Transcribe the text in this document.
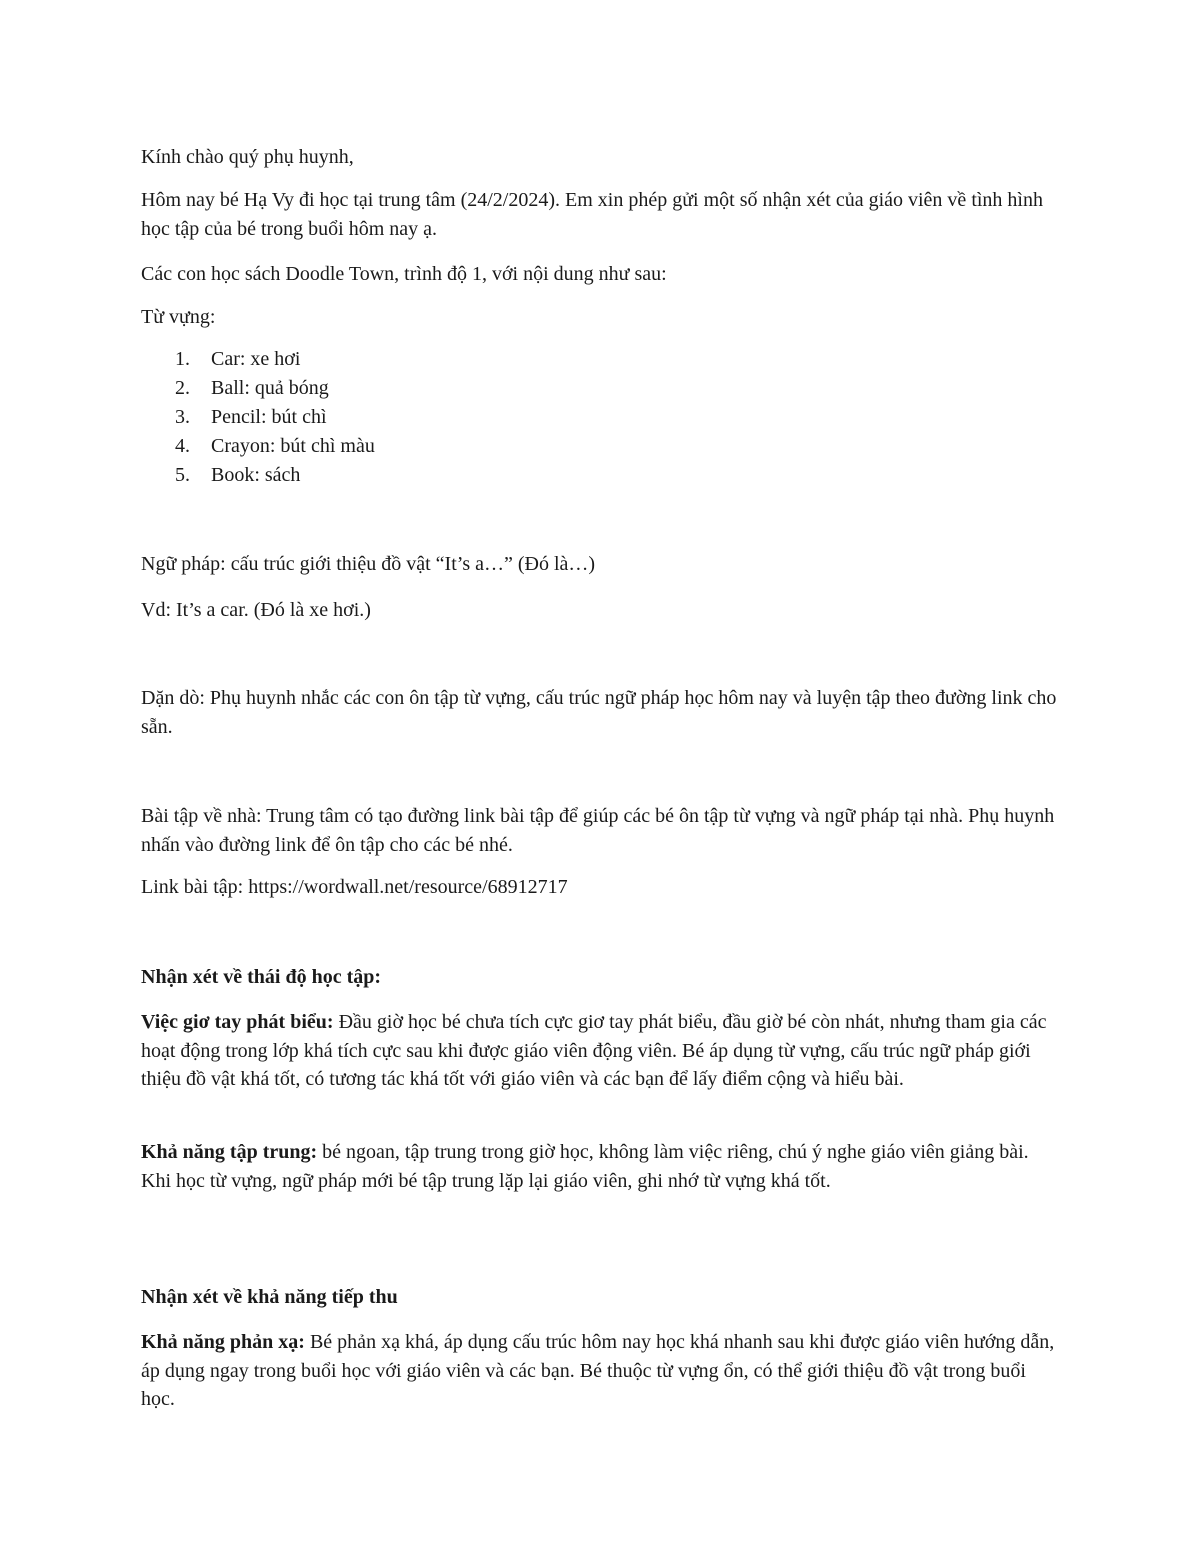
Kính chào quý phụ huynh,

Hôm nay bé Hạ Vy đi học tại trung tâm (24/2/2024). Em xin phép gửi một số nhận xét của giáo viên về tình hình học tập của bé trong buổi hôm nay ạ.

Các con học sách Doodle Town, trình độ 1, với nội dung như sau:

Từ vựng:

1. Car: xe hơi
2. Ball: quả bóng
3. Pencil: bút chì
4. Crayon: bút chì màu
5. Book: sách

Ngữ pháp: cấu trúc giới thiệu đồ vật “It’s a…” (Đó là…)

Vd: It’s a car. (Đó là xe hơi.)

Dặn dò: Phụ huynh nhắc các con ôn tập từ vựng, cấu trúc ngữ pháp học hôm nay và luyện tập theo đường link cho sẵn.

Bài tập về nhà: Trung tâm có tạo đường link bài tập để giúp các bé ôn tập từ vựng và ngữ pháp tại nhà. Phụ huynh nhấn vào đường link để ôn tập cho các bé nhé.

Link bài tập: https://wordwall.net/resource/68912717

Nhận xét về thái độ học tập:

Việc giơ tay phát biểu: Đầu giờ học bé chưa tích cực giơ tay phát biểu, đầu giờ bé còn nhát, nhưng tham gia các hoạt động trong lớp khá tích cực sau khi được giáo viên động viên. Bé áp dụng từ vựng, cấu trúc ngữ pháp giới thiệu đồ vật khá tốt, có tương tác khá tốt với giáo viên và các bạn để lấy điểm cộng và hiểu bài.

Khả năng tập trung: bé ngoan, tập trung trong giờ học, không làm việc riêng, chú ý nghe giáo viên giảng bài. Khi học từ vựng, ngữ pháp mới bé tập trung lặp lại giáo viên, ghi nhớ từ vựng khá tốt.

Nhận xét về khả năng tiếp thu

Khả năng phản xạ: Bé phản xạ khá, áp dụng cấu trúc hôm nay học khá nhanh sau khi được giáo viên hướng dẫn, áp dụng ngay trong buổi học với giáo viên và các bạn. Bé thuộc từ vựng ổn, có thể giới thiệu đồ vật trong buổi học.
